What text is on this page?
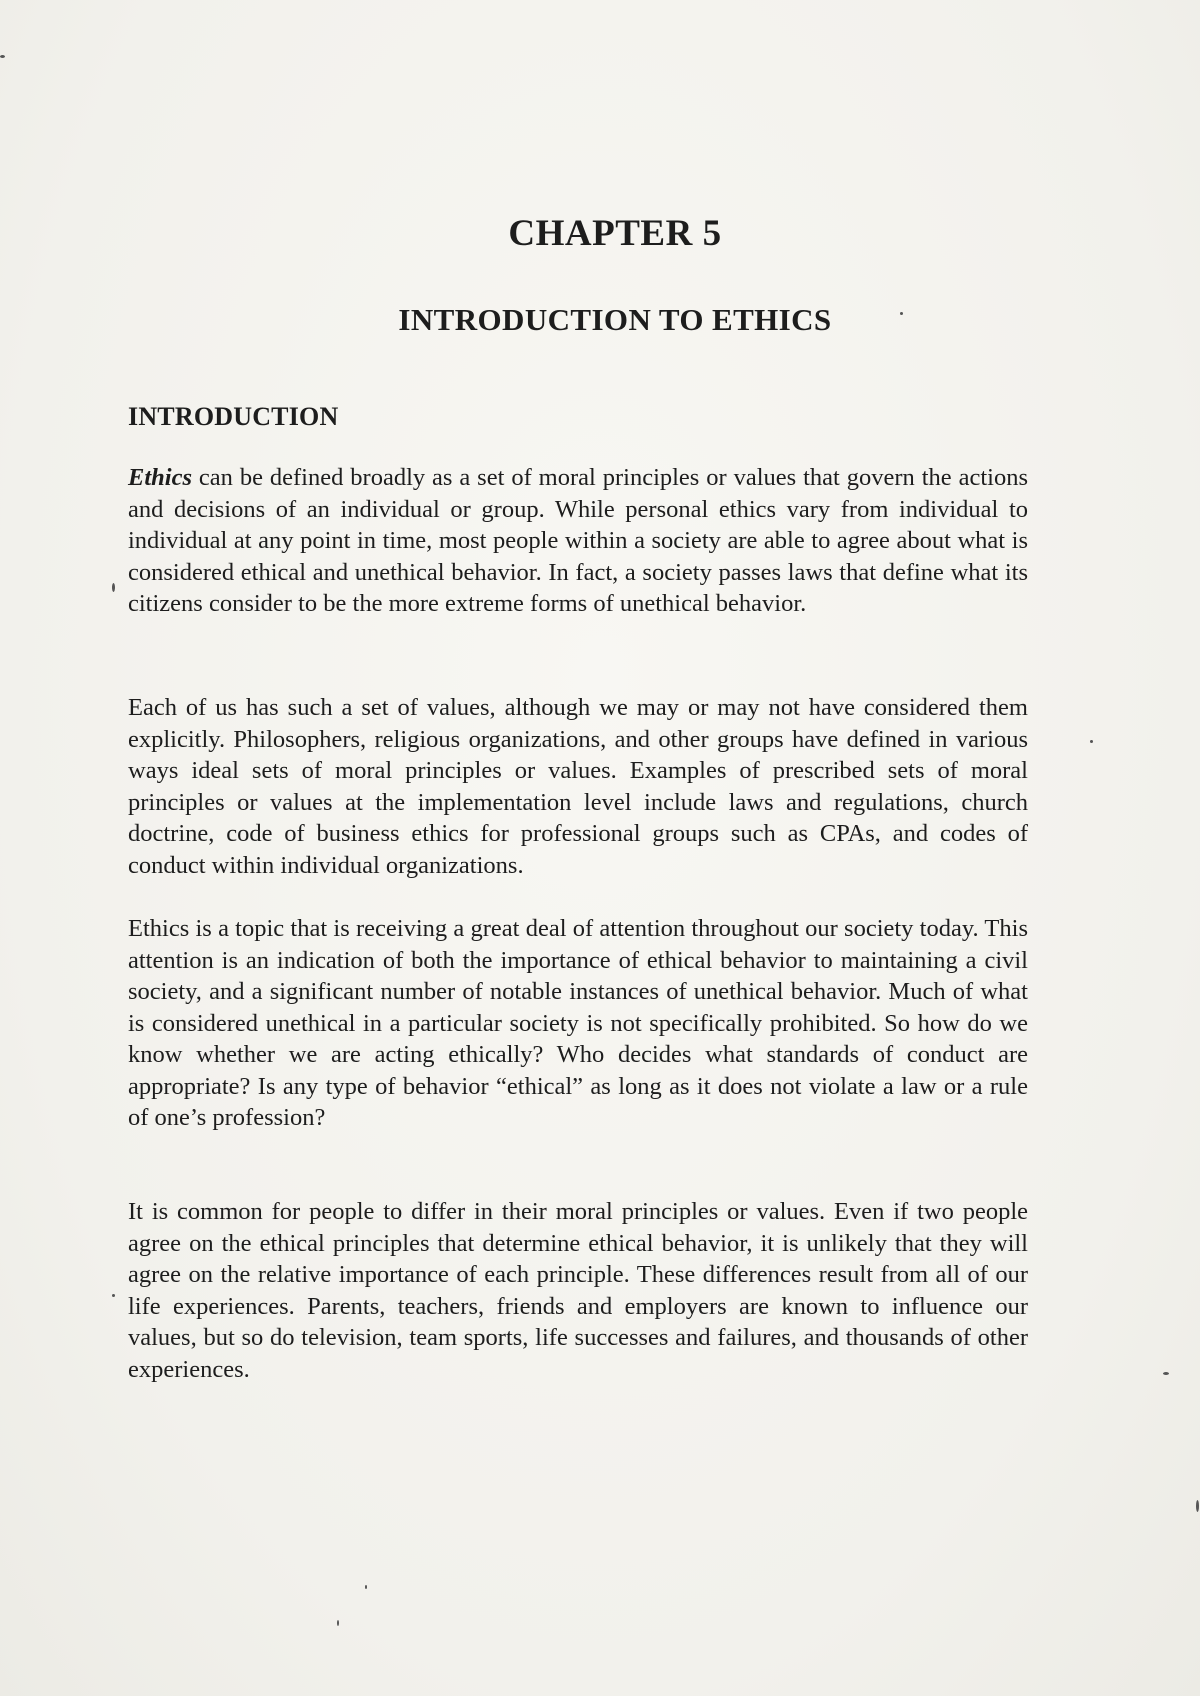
CHAPTER 5
INTRODUCTION TO ETHICS
INTRODUCTION

Ethics can be defined broadly as a set of moral principles or values that govern the actions and decisions of an individual or group. While personal ethics vary from individual to individual at any point in time, most people within a society are able to agree about what is considered ethical and unethical behavior. In fact, a society passes laws that define what its citizens consider to be the more extreme forms of unethical behavior.

Each of us has such a set of values, although we may or may not have considered them explicitly. Philosophers, religious organizations, and other groups have defined in various ways ideal sets of moral principles or values. Examples of prescribed sets of moral principles or values at the implementation level include laws and regulations, church doctrine, code of business ethics for professional groups such as CPAs, and codes of conduct within individual organizations.

Ethics is a topic that is receiving a great deal of attention throughout our society today. This attention is an indication of both the importance of ethical behavior to maintaining a civil society, and a significant number of notable instances of unethical behavior. Much of what is considered unethical in a particular society is not specifically prohibited. So how do we know whether we are acting ethically? Who decides what standards of conduct are appropriate? Is any type of behavior “ethical” as long as it does not violate a law or a rule of one’s profession?

It is common for people to differ in their moral principles or values. Even if two people agree on the ethical principles that determine ethical behavior, it is unlikely that they will agree on the relative importance of each principle. These differences result from all of our life experiences. Parents, teachers, friends and employers are known to influence our values, but so do television, team sports, life successes and failures, and thousands of other experiences.
